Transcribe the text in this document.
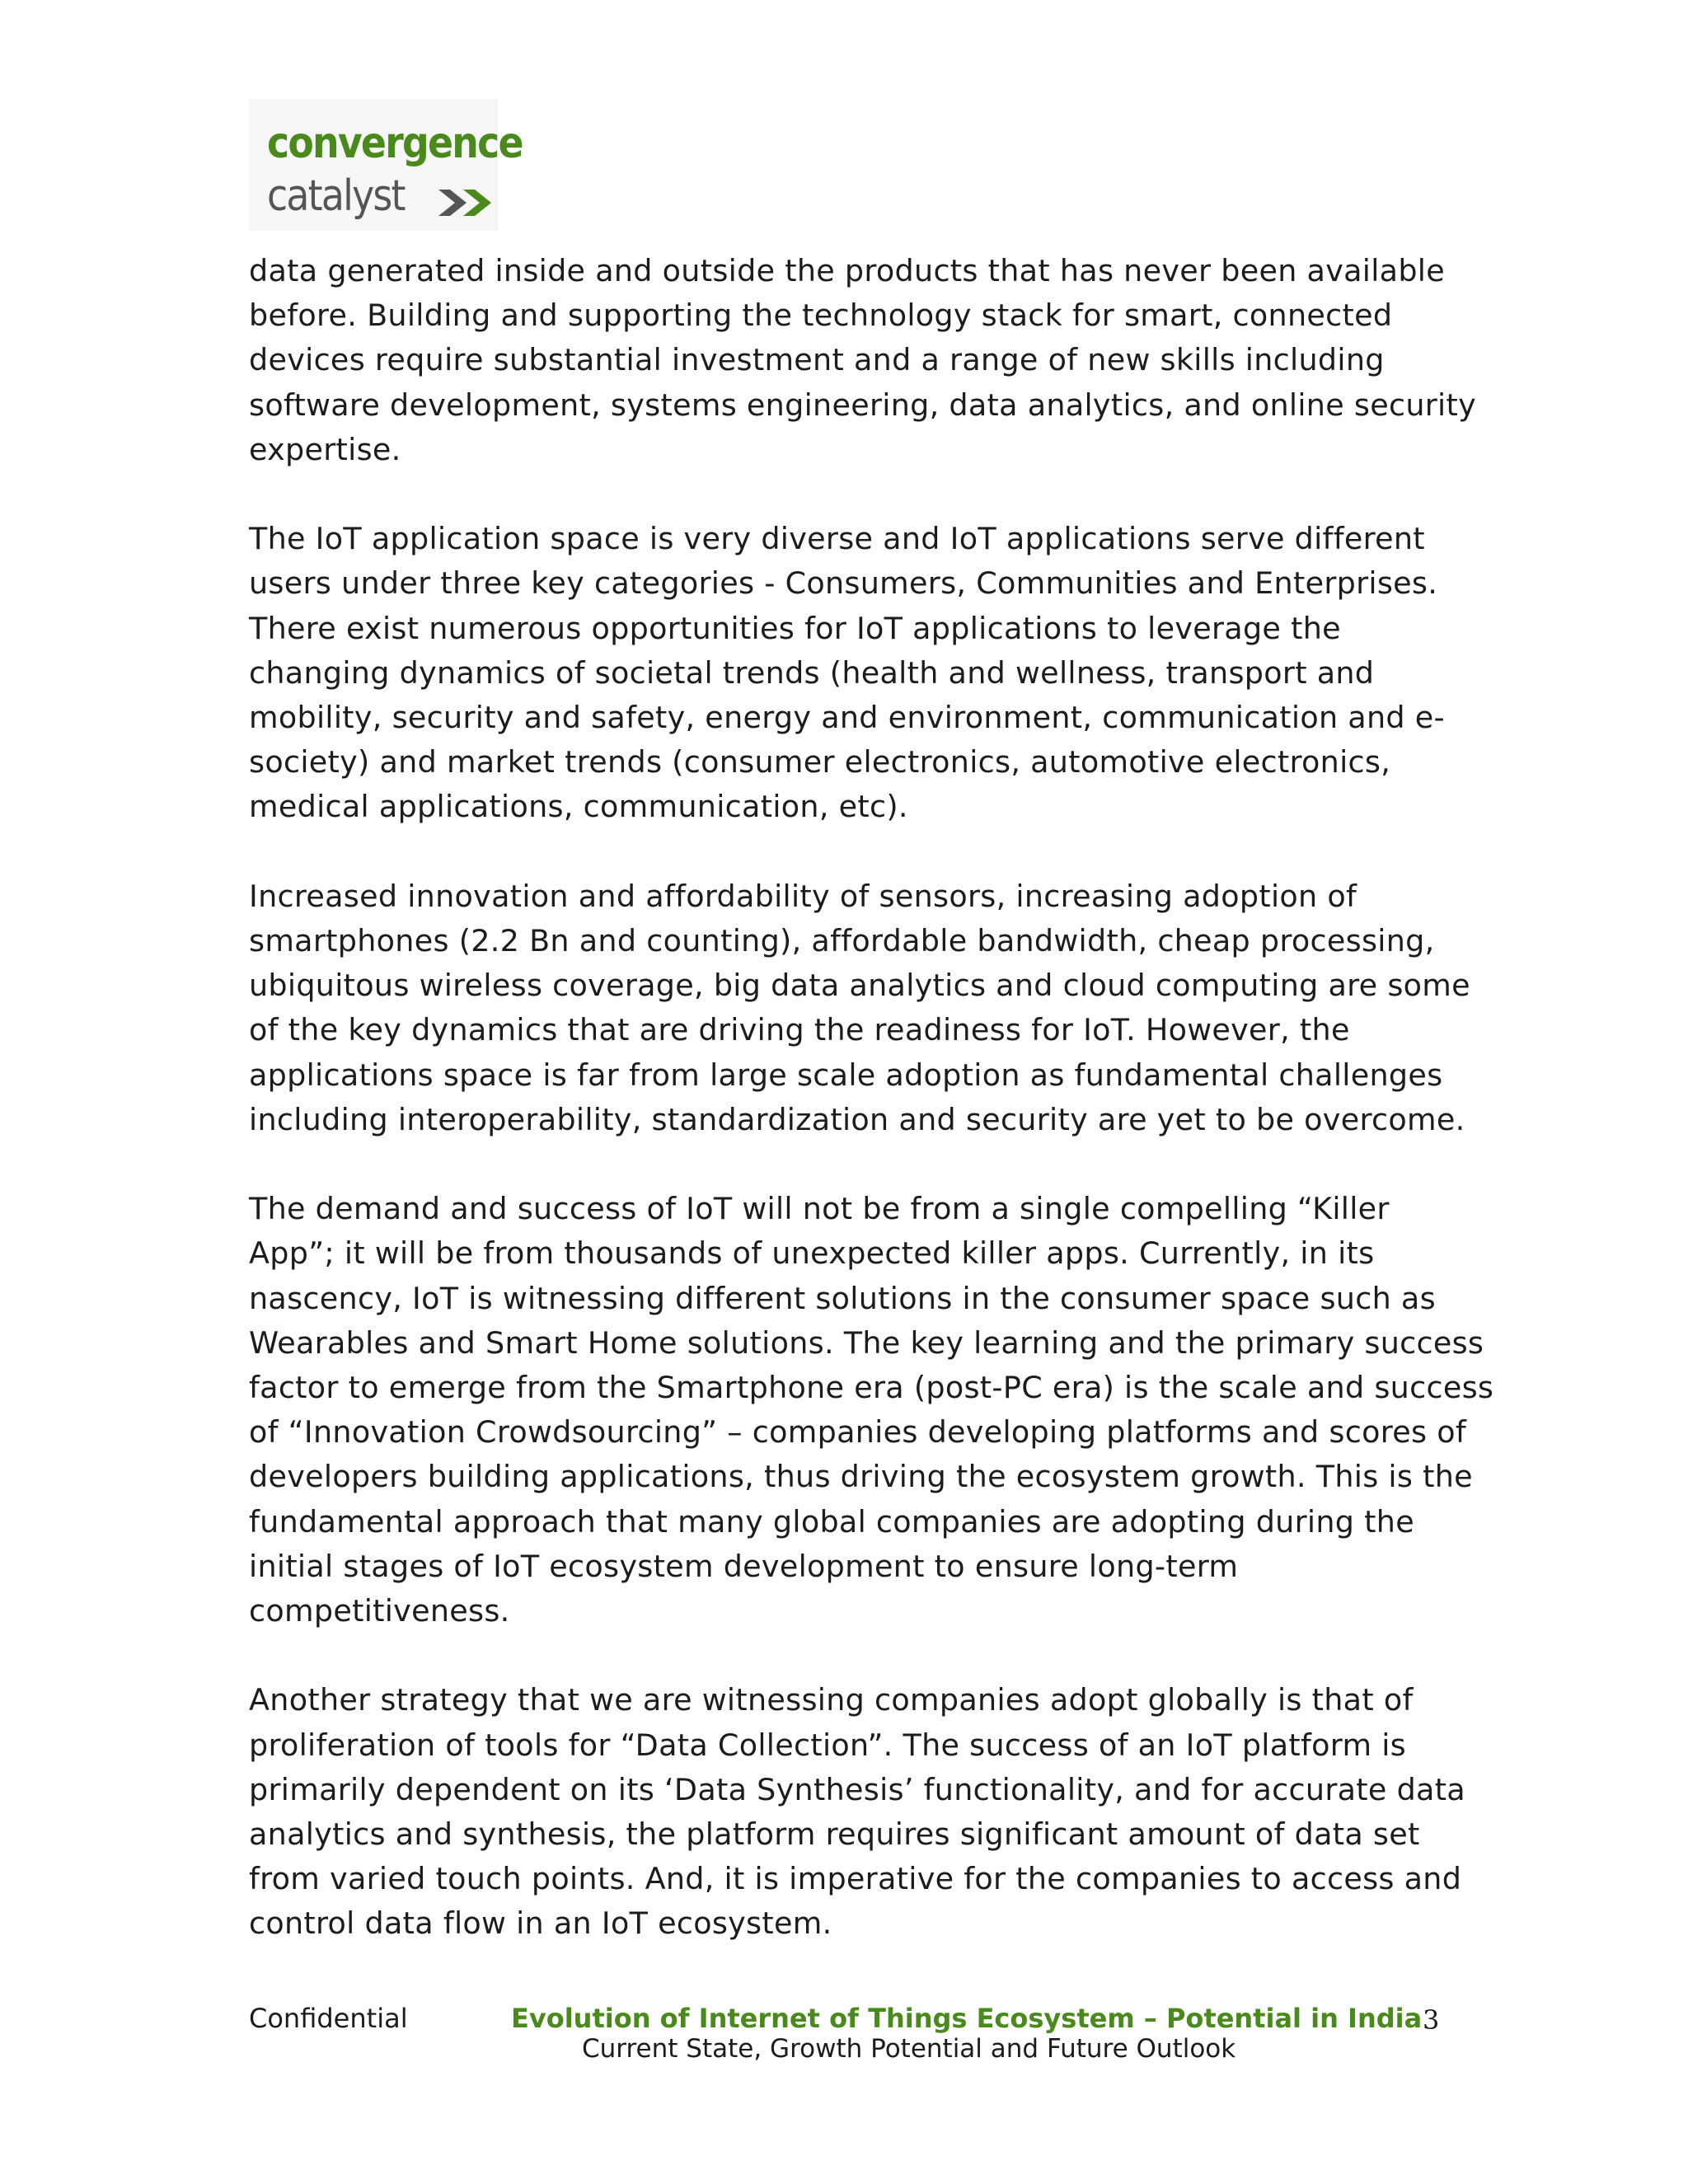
convergence
catalyst

data generated inside and outside the products that has never been available
before. Building and supporting the technology stack for smart, connected
devices require substantial investment and a range of new skills including
software development, systems engineering, data analytics, and online security
expertise.

The IoT application space is very diverse and IoT applications serve different
users under three key categories - Consumers, Communities and Enterprises.
There exist numerous opportunities for IoT applications to leverage the
changing dynamics of societal trends (health and wellness, transport and
mobility, security and safety, energy and environment, communication and e-
society) and market trends (consumer electronics, automotive electronics,
medical applications, communication, etc).

Increased innovation and affordability of sensors, increasing adoption of
smartphones (2.2 Bn and counting), affordable bandwidth, cheap processing,
ubiquitous wireless coverage, big data analytics and cloud computing are some
of the key dynamics that are driving the readiness for IoT. However, the
applications space is far from large scale adoption as fundamental challenges
including interoperability, standardization and security are yet to be overcome.

The demand and success of IoT will not be from a single compelling “Killer
App”; it will be from thousands of unexpected killer apps. Currently, in its
nascency, IoT is witnessing different solutions in the consumer space such as
Wearables and Smart Home solutions. The key learning and the primary success
factor to emerge from the Smartphone era (post-PC era) is the scale and success
of “Innovation Crowdsourcing” – companies developing platforms and scores of
developers building applications, thus driving the ecosystem growth. This is the
fundamental approach that many global companies are adopting during the
initial stages of IoT ecosystem development to ensure long-term
competitiveness.

Another strategy that we are witnessing companies adopt globally is that of
proliferation of tools for “Data Collection”. The success of an IoT platform is
primarily dependent on its ‘Data Synthesis’ functionality, and for accurate data
analytics and synthesis, the platform requires significant amount of data set
from varied touch points. And, it is imperative for the companies to access and
control data flow in an IoT ecosystem.

Confidential	Evolution of Internet of Things Ecosystem – Potential in India
Current State, Growth Potential and Future Outlook
3
